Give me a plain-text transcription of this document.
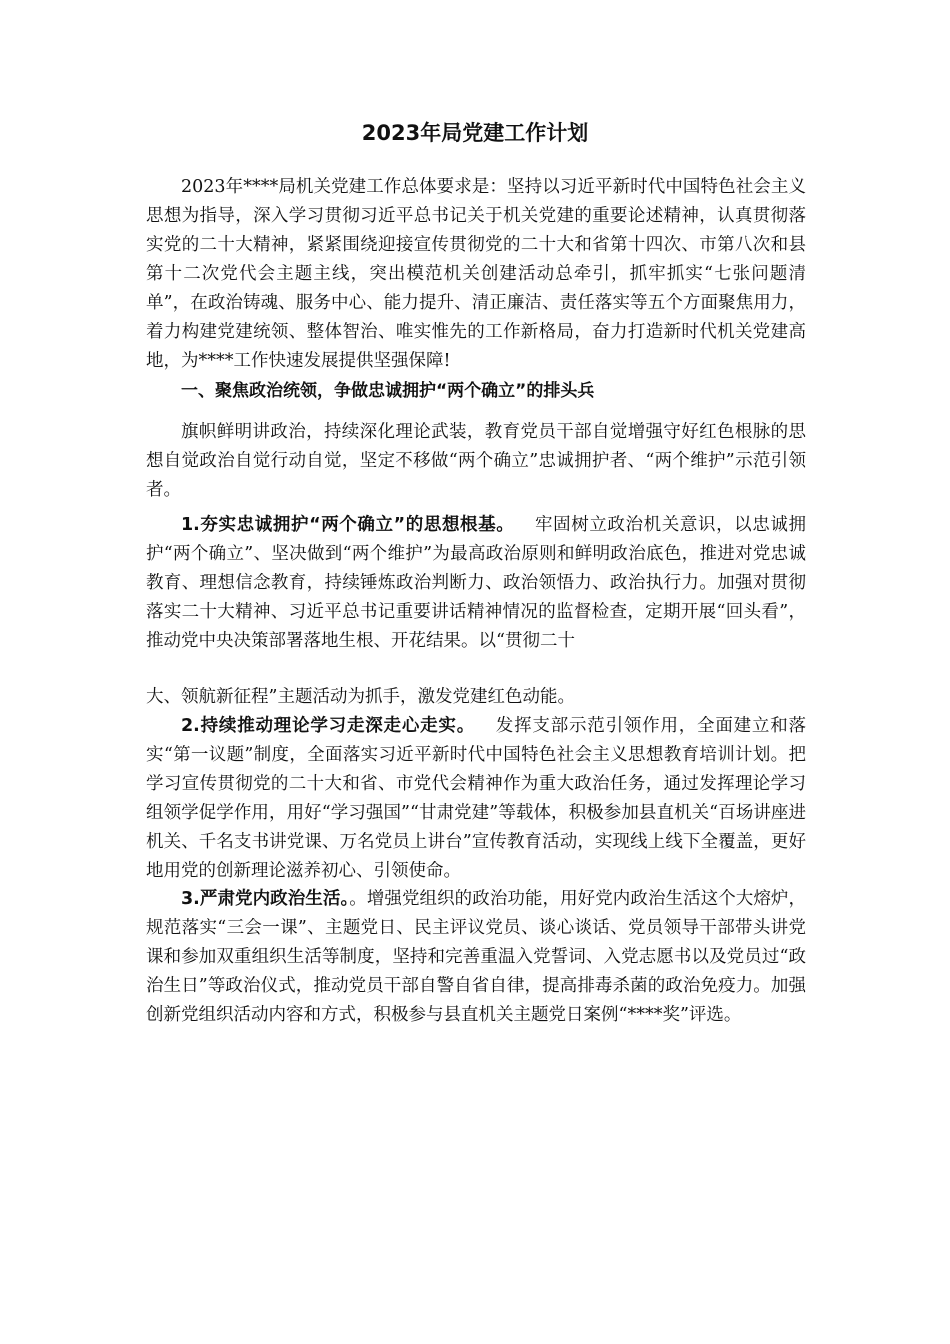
2023年局党建工作计划

2023年****局机关党建工作总体要求是：坚持以习近平新时代中国特色社会主义思想为指导，深入学习贯彻习近平总书记关于机关党建的重要论述精神，认真贯彻落实党的二十大精神，紧紧围绕迎接宣传贯彻党的二十大和省第十四次、市第八次和县第十二次党代会主题主线，突出模范机关创建活动总牵引，抓牢抓实“七张问题清单”，在政治铸魂、服务中心、能力提升、清正廉洁、责任落实等五个方面聚焦用力，着力构建党建统领、整体智治、唯实惟先的工作新格局，奋力打造新时代机关党建高地，为****工作快速发展提供坚强保障!

一、聚焦政治统领，争做忠诚拥护“两个确立”的排头兵

旗帜鲜明讲政治，持续深化理论武装，教育党员干部自觉增强守好红色根脉的思想自觉政治自觉行动自觉，坚定不移做“两个确立”忠诚拥护者、“两个维护”示范引领者。

1.夯实忠诚拥护“两个确立”的思想根基。 牢固树立政治机关意识，以忠诚拥护“两个确立”、坚决做到“两个维护”为最高政治原则和鲜明政治底色，推进对党忠诚教育、理想信念教育，持续锤炼政治判断力、政治领悟力、政治执行力。加强对贯彻落实二十大精神、习近平总书记重要讲话精神情况的监督检查，定期开展“回头看”，推动党中央决策部署落地生根、开花结果。以“贯彻二十

大、领航新征程”主题活动为抓手，激发党建红色动能。

2.持续推动理论学习走深走心走实。 发挥支部示范引领作用，全面建立和落实“第一议题”制度，全面落实习近平新时代中国特色社会主义思想教育培训计划。把学习宣传贯彻党的二十大和省、市党代会精神作为重大政治任务，通过发挥理论学习组领学促学作用，用好“学习强国”“甘肃党建”等载体，积极参加县直机关“百场讲座进机关、千名支书讲党课、万名党员上讲台”宣传教育活动，实现线上线下全覆盖，更好地用党的创新理论滋养初心、引领使命。
3.严肃党内政治生活。。增强党组织的政治功能，用好党内政治生活这个大熔炉，规范落实“三会一课”、主题党日、民主评议党员、谈心谈话、党员领导干部带头讲党课和参加双重组织生活等制度，坚持和完善重温入党誓词、入党志愿书以及党员过“政治生日”等政治仪式，推动党员干部自警自省自律，提高排毒杀菌的政治免疫力。加强创新党组织活动内容和方式，积极参与县直机关主题党日案例“****奖”评选。
